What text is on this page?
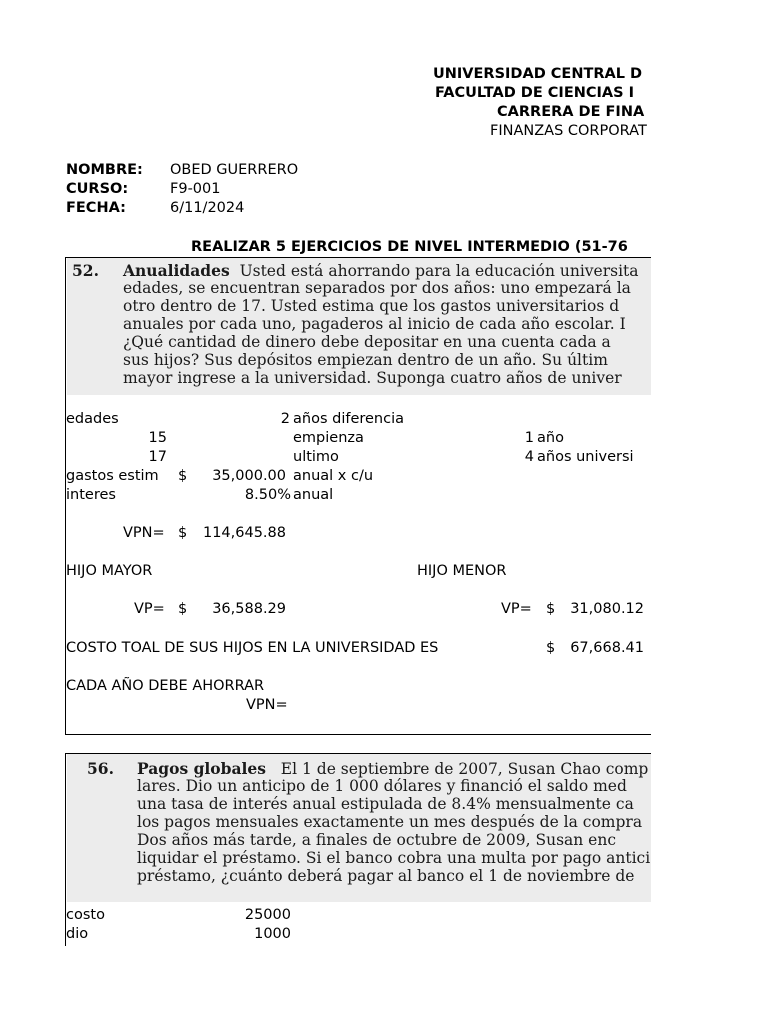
UNIVERSIDAD CENTRAL D
FACULTAD DE CIENCIAS I
CARRERA DE FINA
FINANZAS CORPORAT
NOMBRE: OBED GUERRERO
CURSO:	F9-001
FECHA:	6/11/2024
REALIZAR 5 EJERCICIOS DE NIVEL INTERMEDIO (51-76
52. Anualidades Usted está ahorrando para la educación universita
edades, se encuentran separados por dos años: uno empezará la
otro dentro de 17. Usted estima que los gastos universitarios d
anuales por cada uno, pagaderos al inicio de cada año escolar. I
¿Qué cantidad de dinero debe depositar en una cuenta cada a
sus hijos? Sus depósitos empiezan dentro de un año. Su últim
mayor ingrese a la universidad. Suponga cuatro años de univer
edades	2 años diferencia
15	empienza	1 año
17	ultimo	4 años universi
gastos estim $	35,000.00 anual x c/u
interes	8.50% anual
VPN= $	114,645.88
HIJO MAYOR	HIJO MENOR
VP= $	36,588.29	VP= $	31,080.12
COSTO TOAL DE SUS HIJOS EN LA UNIVERSIDAD ES	$	67,668.41
CADA AÑO DEBE AHORRAR
VPN=
56. Pagos globales El 1 de septiembre de 2007, Susan Chao comp
lares. Dio un anticipo de 1 000 dólares y financió el saldo med
una tasa de interés anual estipulada de 8.4% mensualmente ca
los pagos mensuales exactamente un mes después de la compra
Dos años más tarde, a finales de octubre de 2009, Susan enc
liquidar el préstamo. Si el banco cobra una multa por pago antici
préstamo, ¿cuánto deberá pagar al banco el 1 de noviembre de
costo	25000
dio	1000
